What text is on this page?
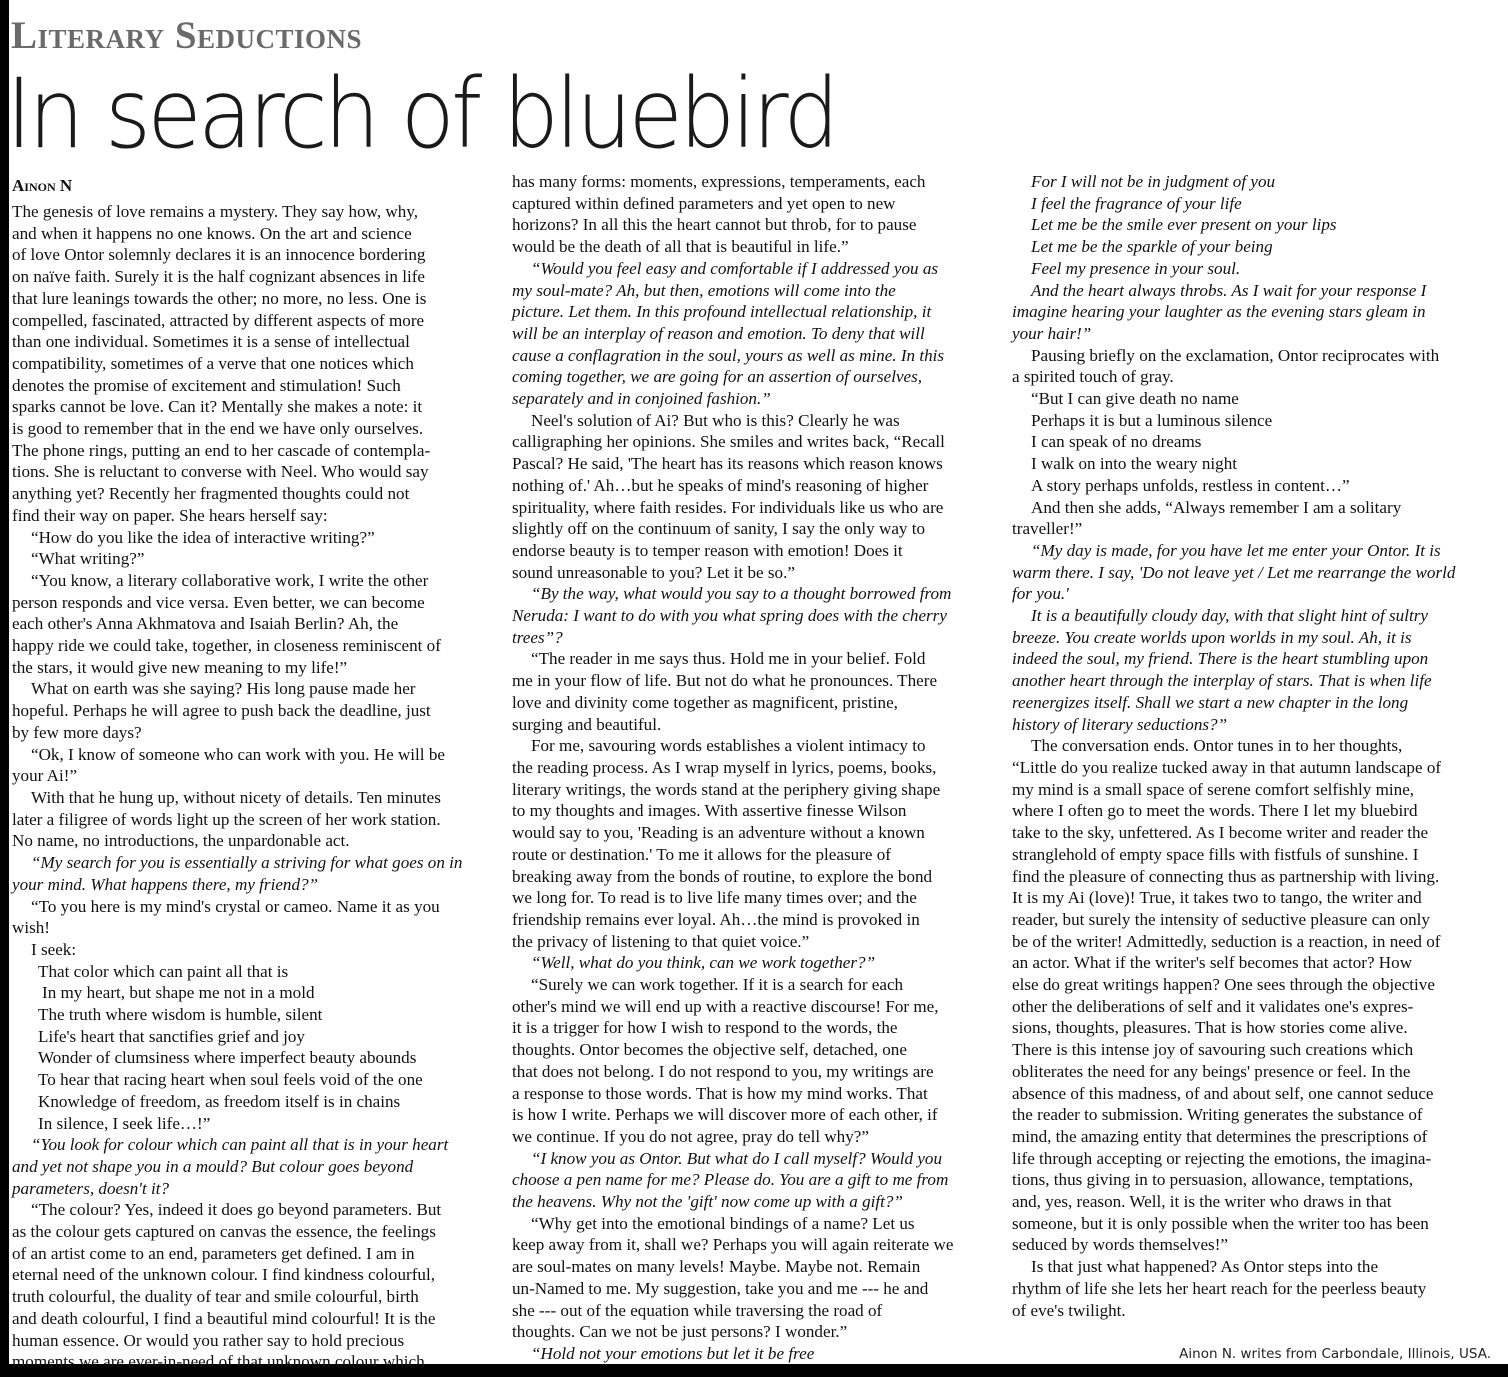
Literary Seductions
In search of bluebird
Ainon N
The genesis of love remains a mystery. They say how, why,
and when it happens no one knows. On the art and science
of love Ontor solemnly declares it is an innocence bordering
on naïve faith. Surely it is the half cognizant absences in life
that lure leanings towards the other; no more, no less. One is
compelled, fascinated, attracted by different aspects of more
than one individual. Sometimes it is a sense of intellectual
compatibility, sometimes of a verve that one notices which
denotes the promise of excitement and stimulation! Such
sparks cannot be love. Can it? Mentally she makes a note: it
is good to remember that in the end we have only ourselves.
The phone rings, putting an end to her cascade of contempla-
tions. She is reluctant to converse with Neel. Who would say
anything yet? Recently her fragmented thoughts could not
find their way on paper. She hears herself say:
“How do you like the idea of interactive writing?”
“What writing?”
“You know, a literary collaborative work, I write the other
person responds and vice versa. Even better, we can become
each other's Anna Akhmatova and Isaiah Berlin? Ah, the
happy ride we could take, together, in closeness reminiscent of
the stars, it would give new meaning to my life!”
What on earth was she saying? His long pause made her
hopeful. Perhaps he will agree to push back the deadline, just
by few more days?
“Ok, I know of someone who can work with you. He will be
your Ai!”
With that he hung up, without nicety of details. Ten minutes
later a filigree of words light up the screen of her work station.
No name, no introductions, the unpardonable act.
“My search for you is essentially a striving for what goes on in
your mind. What happens there, my friend?”
“To you here is my mind's crystal or cameo. Name it as you
wish!
I seek:
That color which can paint all that is
In my heart, but shape me not in a mold
The truth where wisdom is humble, silent
Life's heart that sanctifies grief and joy
Wonder of clumsiness where imperfect beauty abounds
To hear that racing heart when soul feels void of the one
Knowledge of freedom, as freedom itself is in chains
In silence, I seek life…!”
“You look for colour which can paint all that is in your heart
and yet not shape you in a mould? But colour goes beyond
parameters, doesn't it?
“The colour? Yes, indeed it does go beyond parameters. But
as the colour gets captured on canvas the essence, the feelings
of an artist come to an end, parameters get defined. I am in
eternal need of the unknown colour. I find kindness colourful,
truth colourful, the duality of tear and smile colourful, birth
and death colourful, I find a beautiful mind colourful! It is the
human essence. Or would you rather say to hold precious
moments we are ever-in-need of that unknown colour which
has many forms: moments, expressions, temperaments, each
captured within defined parameters and yet open to new
horizons? In all this the heart cannot but throb, for to pause
would be the death of all that is beautiful in life.”
“Would you feel easy and comfortable if I addressed you as
my soul-mate? Ah, but then, emotions will come into the
picture. Let them. In this profound intellectual relationship, it
will be an interplay of reason and emotion. To deny that will
cause a conflagration in the soul, yours as well as mine. In this
coming together, we are going for an assertion of ourselves,
separately and in conjoined fashion.”
Neel's solution of Ai? But who is this? Clearly he was
calligraphing her opinions. She smiles and writes back, “Recall
Pascal? He said, 'The heart has its reasons which reason knows
nothing of.' Ah…but he speaks of mind's reasoning of higher
spirituality, where faith resides. For individuals like us who are
slightly off on the continuum of sanity, I say the only way to
endorse beauty is to temper reason with emotion! Does it
sound unreasonable to you? Let it be so.”
“By the way, what would you say to a thought borrowed from
Neruda: I want to do with you what spring does with the cherry
trees”?
“The reader in me says thus. Hold me in your belief. Fold
me in your flow of life. But not do what he pronounces. There
love and divinity come together as magnificent, pristine,
surging and beautiful.
For me, savouring words establishes a violent intimacy to
the reading process. As I wrap myself in lyrics, poems, books,
literary writings, the words stand at the periphery giving shape
to my thoughts and images. With assertive finesse Wilson
would say to you, 'Reading is an adventure without a known
route or destination.' To me it allows for the pleasure of
breaking away from the bonds of routine, to explore the bond
we long for. To read is to live life many times over; and the
friendship remains ever loyal. Ah…the mind is provoked in
the privacy of listening to that quiet voice.”
“Well, what do you think, can we work together?”
“Surely we can work together. If it is a search for each
other's mind we will end up with a reactive discourse! For me,
it is a trigger for how I wish to respond to the words, the
thoughts. Ontor becomes the objective self, detached, one
that does not belong. I do not respond to you, my writings are
a response to those words. That is how my mind works. That
is how I write. Perhaps we will discover more of each other, if
we continue. If you do not agree, pray do tell why?”
“I know you as Ontor. But what do I call myself? Would you
choose a pen name for me? Please do. You are a gift to me from
the heavens. Why not the 'gift' now come up with a gift?”
“Why get into the emotional bindings of a name? Let us
keep away from it, shall we? Perhaps you will again reiterate we
are soul-mates on many levels! Maybe. Maybe not. Remain
un-Named to me. My suggestion, take you and me --- he and
she --- out of the equation while traversing the road of
thoughts. Can we not be just persons? I wonder.”
“Hold not your emotions but let it be free
For I will not be in judgment of you
I feel the fragrance of your life
Let me be the smile ever present on your lips
Let me be the sparkle of your being
Feel my presence in your soul.
And the heart always throbs. As I wait for your response I
imagine hearing your laughter as the evening stars gleam in
your hair!”
Pausing briefly on the exclamation, Ontor reciprocates with
a spirited touch of gray.
“But I can give death no name
Perhaps it is but a luminous silence
I can speak of no dreams
I walk on into the weary night
A story perhaps unfolds, restless in content…”
And then she adds, “Always remember I am a solitary
traveller!”
“My day is made, for you have let me enter your Ontor. It is
warm there. I say, 'Do not leave yet / Let me rearrange the world
for you.'
It is a beautifully cloudy day, with that slight hint of sultry
breeze. You create worlds upon worlds in my soul. Ah, it is
indeed the soul, my friend. There is the heart stumbling upon
another heart through the interplay of stars. That is when life
reenergizes itself. Shall we start a new chapter in the long
history of literary seductions?”
The conversation ends. Ontor tunes in to her thoughts,
“Little do you realize tucked away in that autumn landscape of
my mind is a small space of serene comfort selfishly mine,
where I often go to meet the words. There I let my bluebird
take to the sky, unfettered. As I become writer and reader the
stranglehold of empty space fills with fistfuls of sunshine. I
find the pleasure of connecting thus as partnership with living.
It is my Ai (love)! True, it takes two to tango, the writer and
reader, but surely the intensity of seductive pleasure can only
be of the writer! Admittedly, seduction is a reaction, in need of
an actor. What if the writer's self becomes that actor? How
else do great writings happen? One sees through the objective
other the deliberations of self and it validates one's expres-
sions, thoughts, pleasures. That is how stories come alive.
There is this intense joy of savouring such creations which
obliterates the need for any beings' presence or feel. In the
absence of this madness, of and about self, one cannot seduce
the reader to submission. Writing generates the substance of
mind, the amazing entity that determines the prescriptions of
life through accepting or rejecting the emotions, the imagina-
tions, thus giving in to persuasion, allowance, temptations,
and, yes, reason. Well, it is the writer who draws in that
someone, but it is only possible when the writer too has been
seduced by words themselves!”
Is that just what happened? As Ontor steps into the
rhythm of life she lets her heart reach for the peerless beauty
of eve's twilight.
Ainon N. writes from Carbondale, Illinois, USA.
